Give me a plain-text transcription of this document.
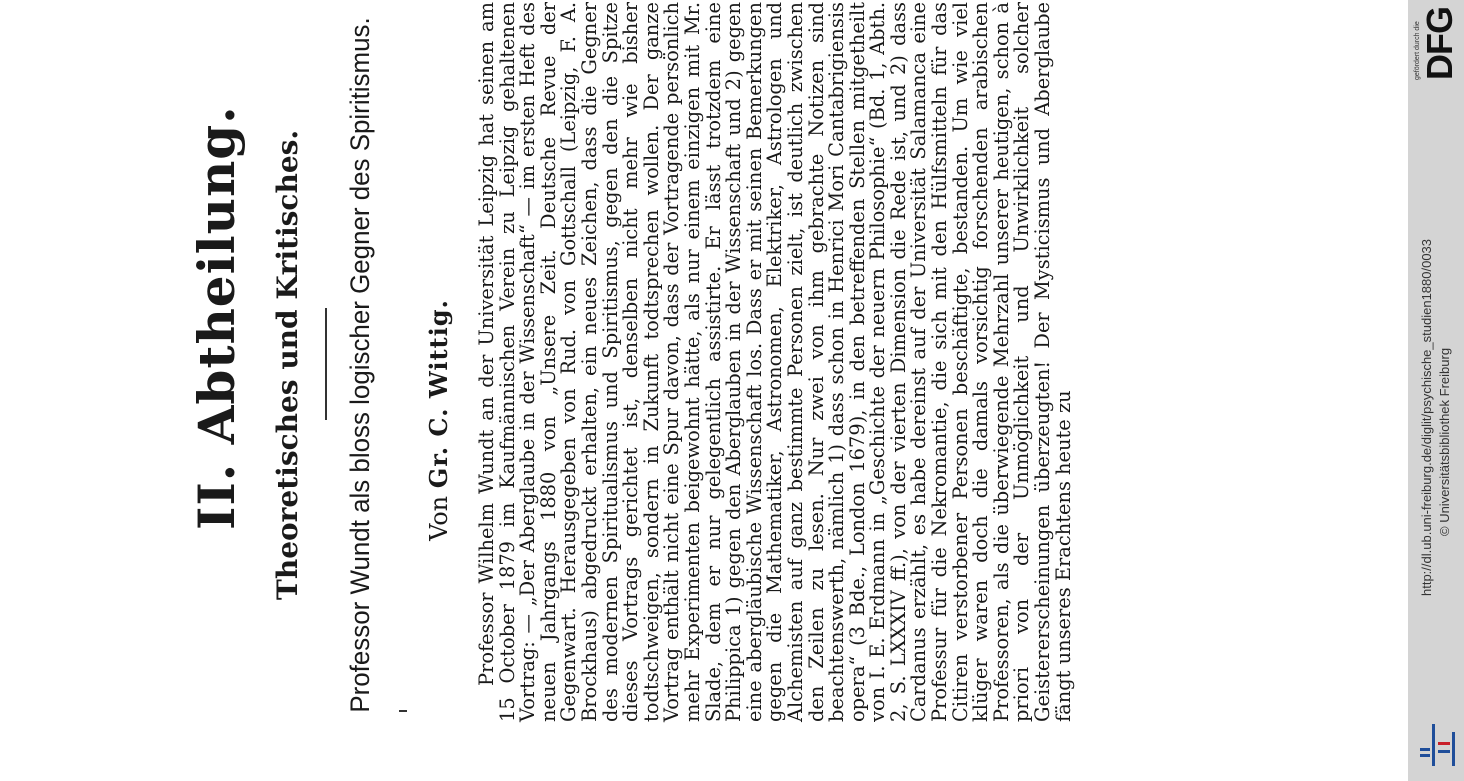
II. Abtheilung. Theoretisches und Kritisches. Professor Wundt als bloss logischer Gegner des Spiritismus. Von Gr. C. Wittig. Professor Wilhelm Wundt an der Universität Leipzig hat seinen am 15 October 1879 im Kaufmännischen Verein zu Leipzig gehaltenen Vortrag: — „Der Aberglaube in der Wissenschaft“ — im ersten Heft des neuen Jahrgangs 1880 von „Unsere Zeit. Deutsche Revue der Gegenwart. Herausgegeben von Rud. von Gottschall (Leipzig, F. A. Brockhaus) abgedruckt erhalten, ein neues Zeichen, dass die Gegner des modernen Spiritualismus und Spiritismus, gegen den die Spitze dieses Vortrags gerichtet ist, denselben nicht mehr wie bisher todtschweigen, sondern in Zukunft todtsprechen wollen. Der ganze Vortrag enthält nicht eine Spur davon, dass der Vortragende persönlich mehr Experimenten beigewohnt hätte, als nur einem einzigen mit Mr. Slade, dem er nur gelegentlich assistirte. Er lässt trotzdem eine Philippica 1) gegen den Aberglauben in der Wissenschaft und 2) gegen eine abergläubische Wissenschaft los. Dass er mit seinen Bemerkungen gegen die Mathematiker, Astronomen, Elektriker, Astrologen und Alchemisten auf ganz bestimmte Personen zielt, ist deutlich zwischen den Zeilen zu lesen. Nur zwei von ihm gebrachte Notizen sind beachtenswerth, nämlich 1) dass schon in Henrici Mori Cantabrigiensis opera“ (3 Bde., London 1679), in den betreffenden Stellen mitgetheilt von I. E. Erdmann in „Geschichte der neuern Philosophie“ (Bd. 1, Abth. 2, S. LXXXIV ff.), von der vierten Dimension die Rede ist, und 2) dass Cardanus erzählt, es habe dereinst auf der Universität Salamanca eine Professur für die Nekromantie, die sich mit den Hülfsmitteln für das Citiren verstorbener Personen beschäftigte, bestanden. Um wie viel klüger waren doch die damals vorsichtig forschenden arabischen Professoren, als die überwiegende Mehrzahl unserer heutigen, schon à priori von der Unmöglichkeit und Unwirklichkeit solcher Geistererscheinungen überzeugten! Der Mysticismus und Aberglaube fängt unseres Erachtens heute zu

gefördert durch die
DFG
http://dl.ub.uni-freiburg.de/diglit/psychische_studien1880/0033 © Universitätsbibliothek Freiburg
